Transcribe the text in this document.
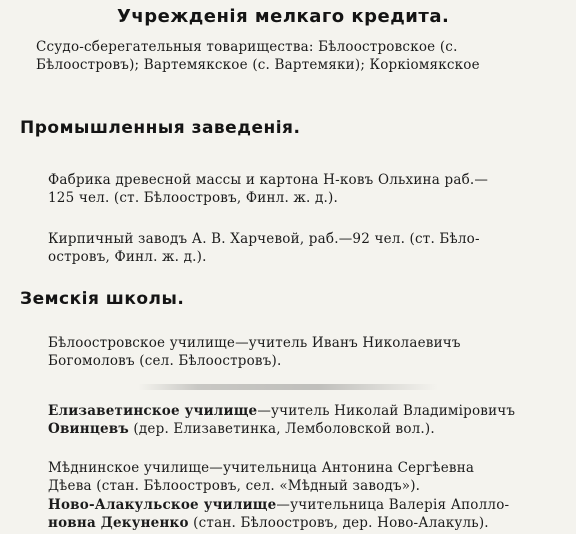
Учрежденія мелкаго кредита.
Ссудо-сберегательныя товарищества: Бѣлоостровское (с.
Бѣлоостровъ); Вартемякское (с. Вартемяки); Коркіомякское
Промышленныя заведенія.
Фабрика древесной массы и картона Н-ковъ Ольхина раб.—
125 чел. (ст. Бѣлоостровъ, Финл. ж. д.).
Кирпичный заводъ А. В. Харчевой, раб.—92 чел. (ст. Бѣло-
островъ, Финл. ж. д.).
Земскія школы.
Бѣлоостровское училище—учитель Иванъ Николаевичъ
Богомоловъ (сел. Бѣлоостровъ).
Елизаветинское училище—учитель Николай Владиміровичъ
Овинцевъ (дер. Елизаветинка, Лемболовской вол.).
Мѣднинское училище—учительница Антонина Сергѣевна
Дѣева (стан. Бѣлоостровъ, сел. «Мѣдный заводъ»).
Ново-Алакульское училище—учительница Валерія Аполло-
новна Декуненко (стан. Бѣлоостровъ, дер. Ново-Алакуль).
